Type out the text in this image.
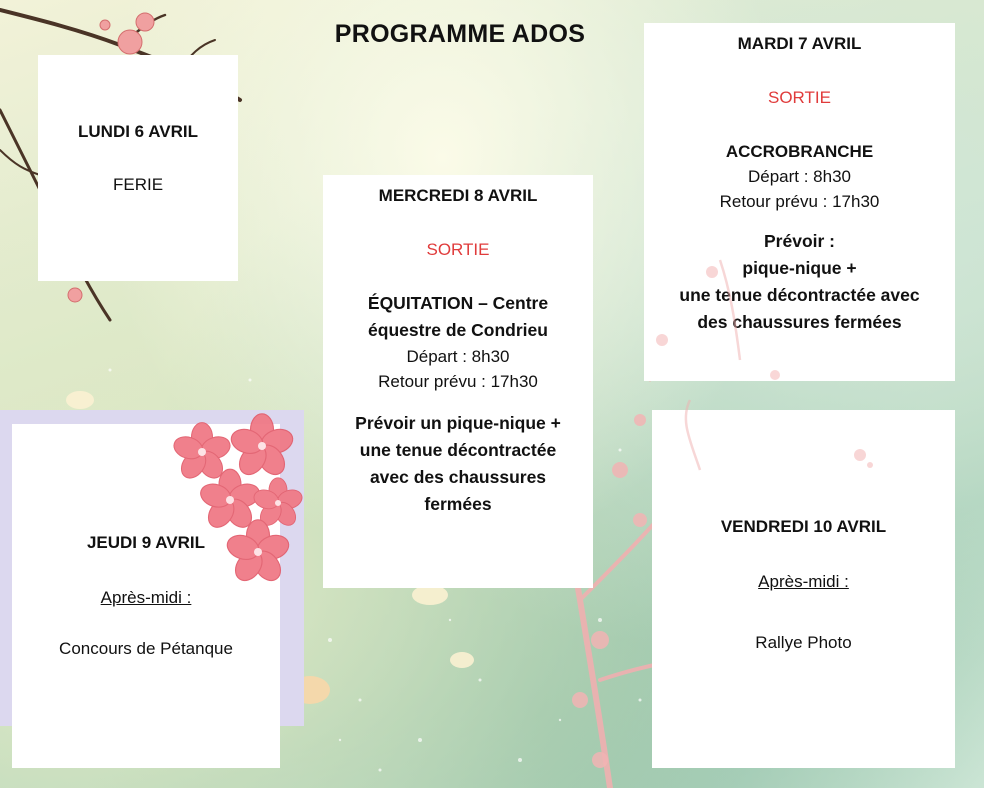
PROGRAMME ADOS
LUNDI 6 AVRIL
FERIE
MARDI 7 AVRIL
SORTIE
ACCROBRANCHE
Départ : 8h30
Retour prévu : 17h30
Prévoir :
pique-nique +
une tenue décontractée avec
des chaussures fermées
MERCREDI 8 AVRIL
SORTIE
ÉQUITATION – Centre
équestre de Condrieu
Départ : 8h30
Retour prévu : 17h30
Prévoir un pique-nique +
une tenue décontractée
avec des chaussures
fermées
JEUDI 9 AVRIL
Après-midi :
Concours de Pétanque
VENDREDI 10 AVRIL
Après-midi :
Rallye Photo
